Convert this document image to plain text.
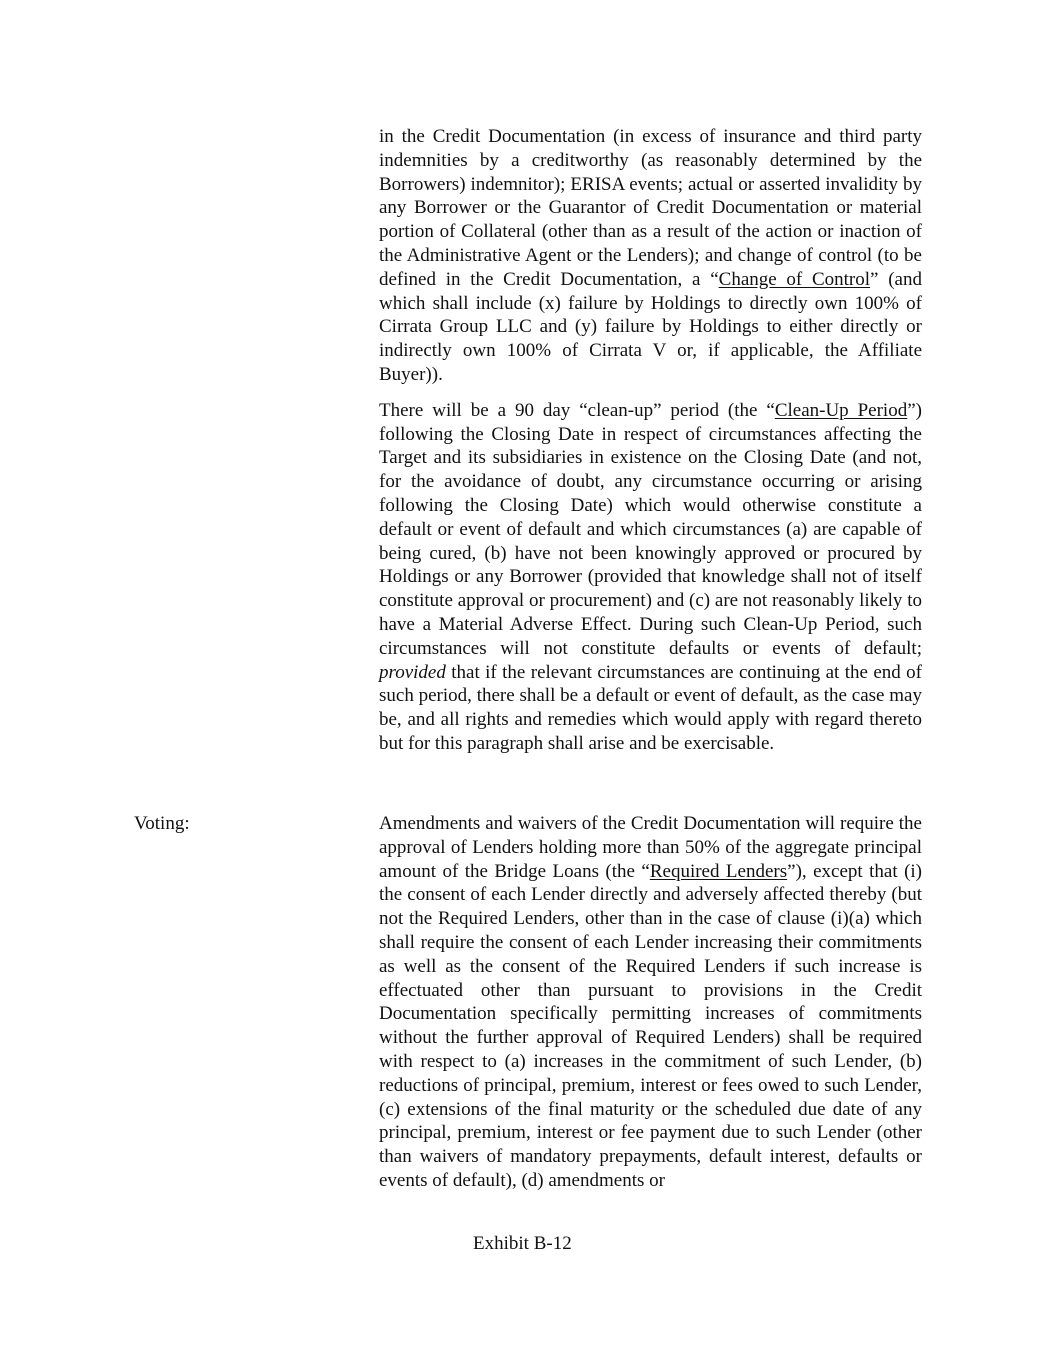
in the Credit Documentation (in excess of insurance and third party indemnities by a creditworthy (as reasonably determined by the Borrowers) indemnitor); ERISA events; actual or asserted invalidity by any Borrower or the Guarantor of Credit Documentation or material portion of Collateral (other than as a result of the action or inaction of the Administrative Agent or the Lenders); and change of control (to be defined in the Credit Documentation, a “Change of Control” (and which shall include (x) failure by Holdings to directly own 100% of Cirrata Group LLC and (y) failure by Holdings to either directly or indirectly own 100% of Cirrata V or, if applicable, the Affiliate Buyer)).

There will be a 90 day “clean-up” period (the “Clean-Up Period”) following the Closing Date in respect of circumstances affecting the Target and its subsidiaries in existence on the Closing Date (and not, for the avoidance of doubt, any circumstance occurring or arising following the Closing Date) which would otherwise constitute a default or event of default and which circumstances (a) are capable of being cured, (b) have not been knowingly approved or procured by Holdings or any Borrower (provided that knowledge shall not of itself constitute approval or procurement) and (c) are not reasonably likely to have a Material Adverse Effect. During such Clean-Up Period, such circumstances will not constitute defaults or events of default; provided that if the relevant circumstances are continuing at the end of such period, there shall be a default or event of default, as the case may be, and all rights and remedies which would apply with regard thereto but for this paragraph shall arise and be exercisable.

Voting:	Amendments and waivers of the Credit Documentation will require the approval of Lenders holding more than 50% of the aggregate principal amount of the Bridge Loans (the “Required Lenders”), except that (i) the consent of each Lender directly and adversely affected thereby (but not the Required Lenders, other than in the case of clause (i)(a) which shall require the consent of each Lender increasing their commitments as well as the consent of the Required Lenders if such increase is effectuated other than pursuant to provisions in the Credit Documentation specifically permitting increases of commitments without the further approval of Required Lenders) shall be required with respect to (a) increases in the commitment of such Lender, (b) reductions of principal, premium, interest or fees owed to such Lender, (c) extensions of the final maturity or the scheduled due date of any principal, premium, interest or fee payment due to such Lender (other than waivers of mandatory prepayments, default interest, defaults or events of default), (d) amendments or

Exhibit B-12
